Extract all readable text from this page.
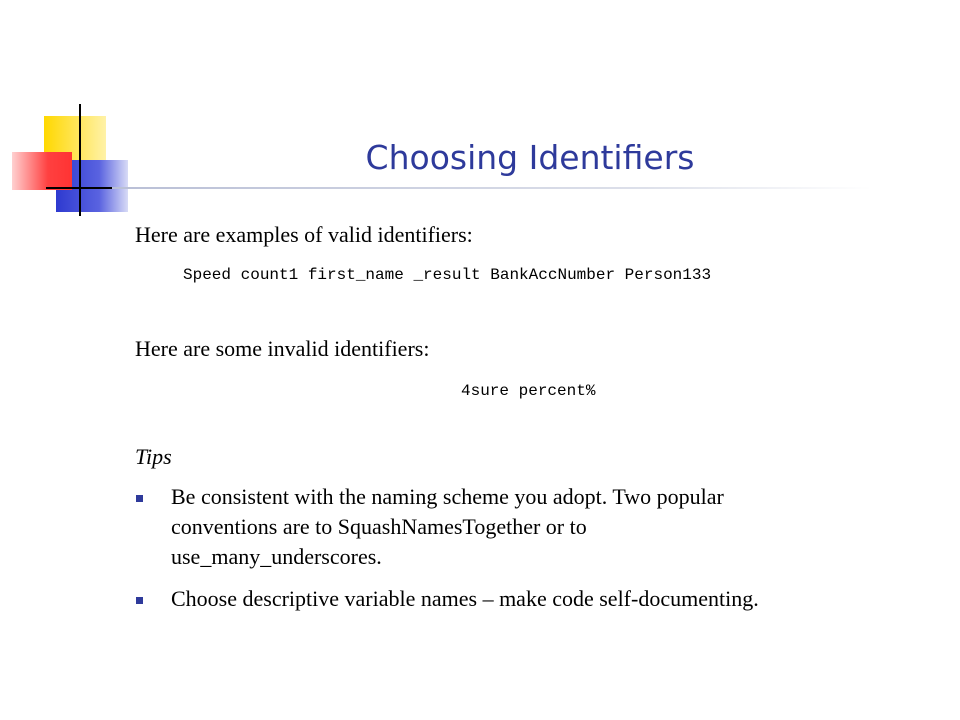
Choosing Identifiers
Here are examples of valid identifiers:
Speed count1 first_name _result BankAccNumber Person133
Here are some invalid identifiers:
4sure percent%
Tips
Be consistent with the naming scheme you adopt. Two popular conventions are to SquashNamesTogether or to use_many_underscores.
Choose descriptive variable names – make code self-documenting.
